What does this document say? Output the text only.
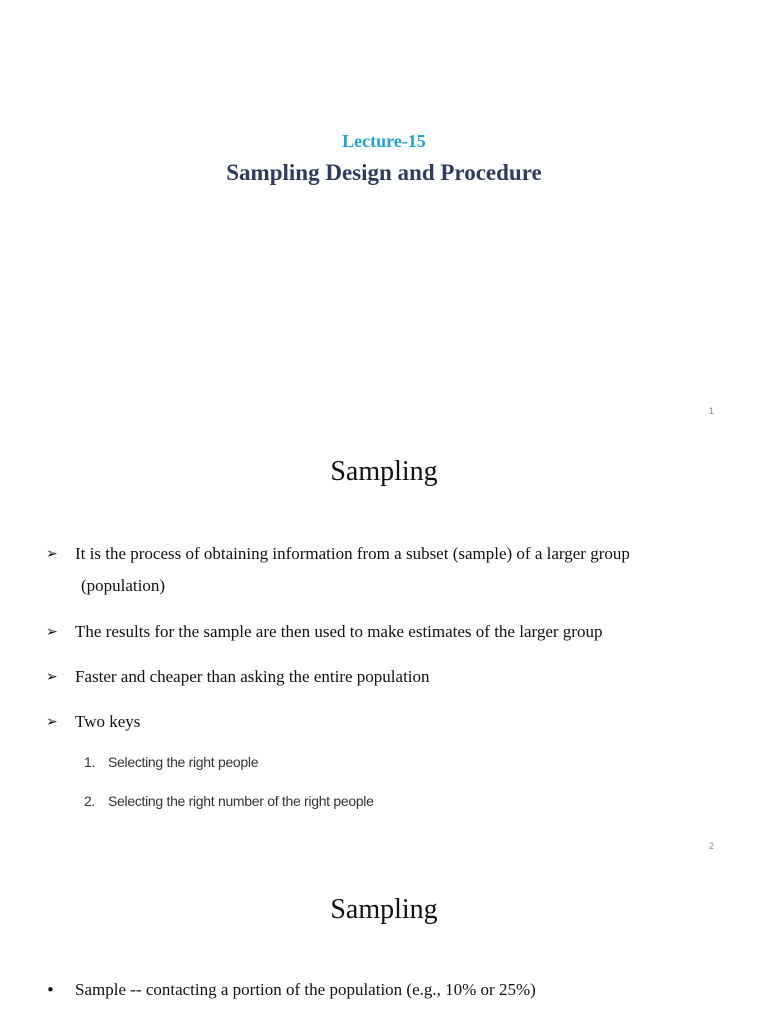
Lecture-15
Sampling Design and Procedure
1
Sampling
➢	It is the process of obtaining information from a subset (sample) of a larger group
(population)
➢	The results for the sample are then used to make estimates of the larger group
➢	Faster and cheaper than asking the entire population
➢	Two keys
1. Selecting the right people
2. Selecting the right number of the right people
2
Sampling
•	Sample -- contacting a portion of the population (e.g., 10% or 25%)
